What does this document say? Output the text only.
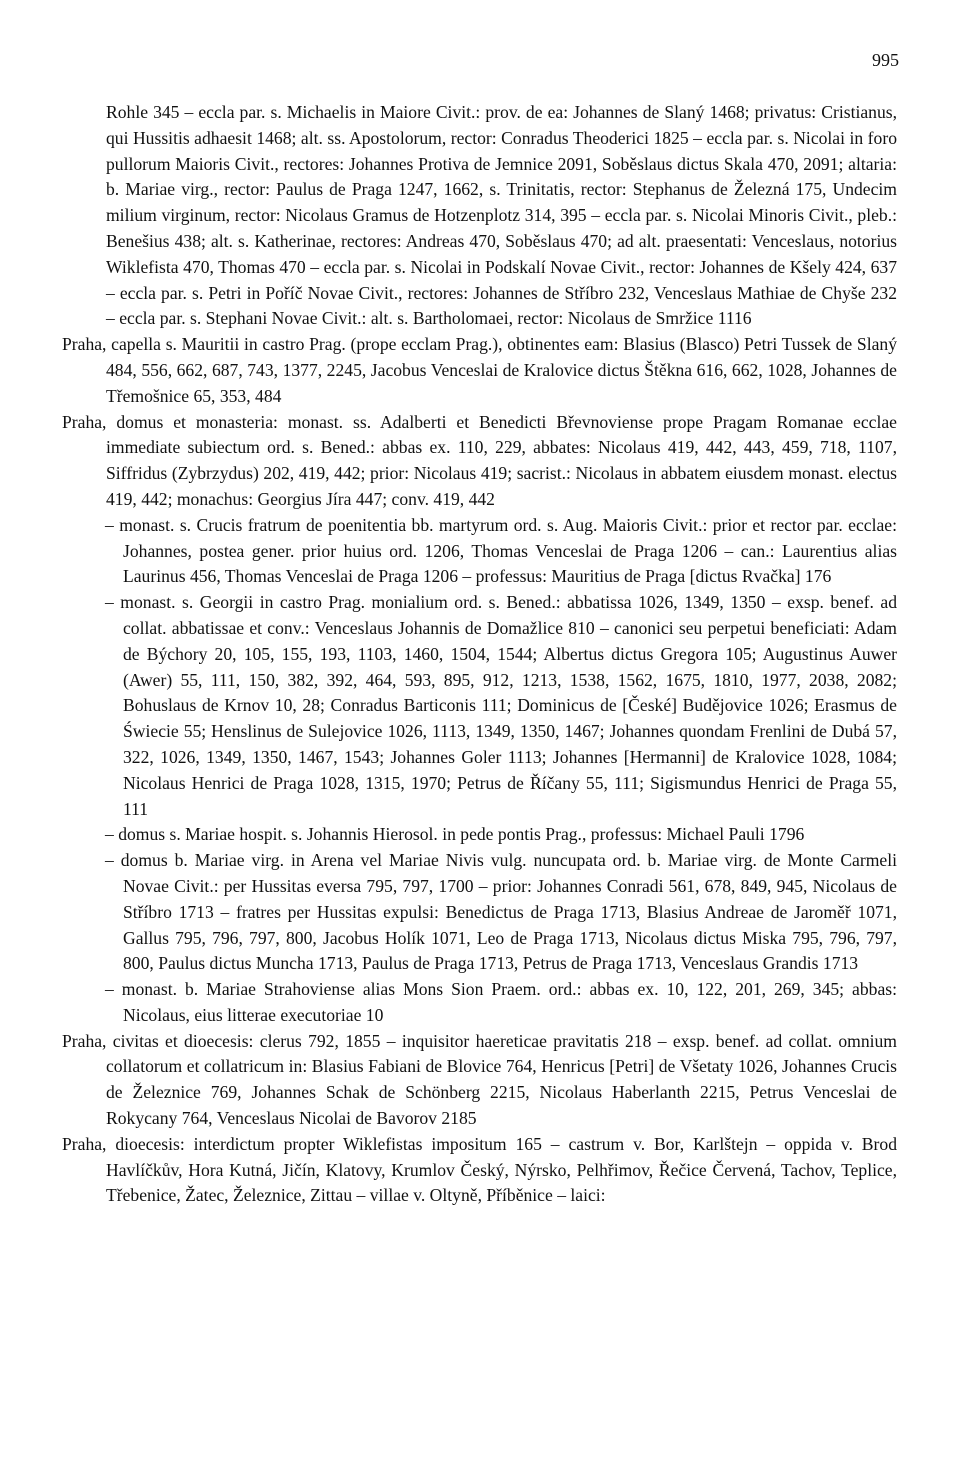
995

Rohle 345 – eccla par. s. Michaelis in Maiore Civit.: prov. de ea: Johannes de Slaný 1468; privatus: Cristianus, qui Hussitis adhaesit 1468; alt. ss. Apostolorum, rector: Conradus Theoderici 1825 – eccla par. s. Nicolai in foro pullorum Maioris Civit., rectores: Johannes Protiva de Jemnice 2091, Soběslaus dictus Skala 470, 2091; altaria: b. Mariae virg., rector: Paulus de Praga 1247, 1662, s. Trinitatis, rector: Stephanus de Železná 175, Undecim milium virginum, rector: Nicolaus Gramus de Hotzenplotz 314, 395 – eccla par. s. Nicolai Minoris Civit., pleb.: Benešius 438; alt. s. Katherinae, rectores: Andreas 470, Soběslaus 470; ad alt. praesentati: Venceslaus, notorius Wiklefista 470, Thomas 470 – eccla par. s. Nicolai in Podskalí Novae Civit., rector: Johannes de Kšely 424, 637 – eccla par. s. Petri in Poříč Novae Civit., rectores: Johannes de Stříbro 232, Venceslaus Mathiae de Chyše 232 – eccla par. s. Stephani Novae Civit.: alt. s. Bartholomaei, rector: Nicolaus de Smržice 1116

Praha, capella s. Mauritii in castro Prag. (prope ecclam Prag.), obtinentes eam: Blasius (Blasco) Petri Tussek de Slaný 484, 556, 662, 687, 743, 1377, 2245, Jacobus Venceslai de Kralovice dictus Štěkna 616, 662, 1028, Johannes de Třemošnice 65, 353, 484

Praha, domus et monasteria: monast. ss. Adalberti et Benedicti Břevnoviense prope Pragam Romanae ecclae immediate subiectum ord. s. Bened.: abbas ex. 110, 229, abbates: Nicolaus 419, 442, 443, 459, 718, 1107, Siffridus (Zybrzydus) 202, 419, 442; prior: Nicolaus 419; sacrist.: Nicolaus in abbatem eiusdem monast. electus 419, 442; monachus: Georgius Jíra 447; conv. 419, 442

– monast. s. Crucis fratrum de poenitentia bb. martyrum ord. s. Aug. Maioris Civit.: prior et rector par. ecclae: Johannes, postea gener. prior huius ord. 1206, Thomas Venceslai de Praga 1206 – can.: Laurentius alias Laurinus 456, Thomas Venceslai de Praga 1206 – professus: Mauritius de Praga [dictus Rvačka] 176

– monast. s. Georgii in castro Prag. monialium ord. s. Bened.: abbatissa 1026, 1349, 1350 – exsp. benef. ad collat. abbatissae et conv.: Venceslaus Johannis de Domažlice 810 – canonici seu perpetui beneficiati: Adam de Býchory 20, 105, 155, 193, 1103, 1460, 1504, 1544; Albertus dictus Gregora 105; Augustinus Auwer (Awer) 55, 111, 150, 382, 392, 464, 593, 895, 912, 1213, 1538, 1562, 1675, 1810, 1977, 2038, 2082; Bohuslaus de Krnov 10, 28; Conradus Barticonis 111; Dominicus de [České] Budějovice 1026; Erasmus de Świecie 55; Henslinus de Sulejovice 1026, 1113, 1349, 1350, 1467; Johannes quondam Frenlini de Dubá 57, 322, 1026, 1349, 1350, 1467, 1543; Johannes Goler 1113; Johannes [Hermanni] de Kralovice 1028, 1084; Nicolaus Henrici de Praga 1028, 1315, 1970; Petrus de Říčany 55, 111; Sigismundus Henrici de Praga 55, 111

– domus s. Mariae hospit. s. Johannis Hierosol. in pede pontis Prag., professus: Michael Pauli 1796

– domus b. Mariae virg. in Arena vel Mariae Nivis vulg. nuncupata ord. b. Mariae virg. de Monte Carmeli Novae Civit.: per Hussitas eversa 795, 797, 1700 – prior: Johannes Conradi 561, 678, 849, 945, Nicolaus de Stříbro 1713 – fratres per Hussitas expulsi: Benedictus de Praga 1713, Blasius Andreae de Jaroměř 1071, Gallus 795, 796, 797, 800, Jacobus Holík 1071, Leo de Praga 1713, Nicolaus dictus Miska 795, 796, 797, 800, Paulus dictus Muncha 1713, Paulus de Praga 1713, Petrus de Praga 1713, Venceslaus Grandis 1713

– monast. b. Mariae Strahoviense alias Mons Sion Praem. ord.: abbas ex. 10, 122, 201, 269, 345; abbas: Nicolaus, eius litterae executoriae 10

Praha, civitas et dioecesis: clerus 792, 1855 – inquisitor haereticae pravitatis 218 – exsp. benef. ad collat. omnium collatorum et collatricum in: Blasius Fabiani de Blovice 764, Henricus [Petri] de Všetaty 1026, Johannes Crucis de Železnice 769, Johannes Schak de Schönberg 2215, Nicolaus Haberlanth 2215, Petrus Venceslai de Rokycany 764, Venceslaus Nicolai de Bavorov 2185

Praha, dioecesis: interdictum propter Wiklefistas impositum 165 – castrum v. Bor, Karlštejn – oppida v. Brod Havlíčkův, Hora Kutná, Jičín, Klatovy, Krumlov Český, Nýrsko, Pelhřimov, Řečice Červená, Tachov, Teplice, Třebenice, Žatec, Železnice, Zittau – villae v. Oltyně, Příběnice – laici:
